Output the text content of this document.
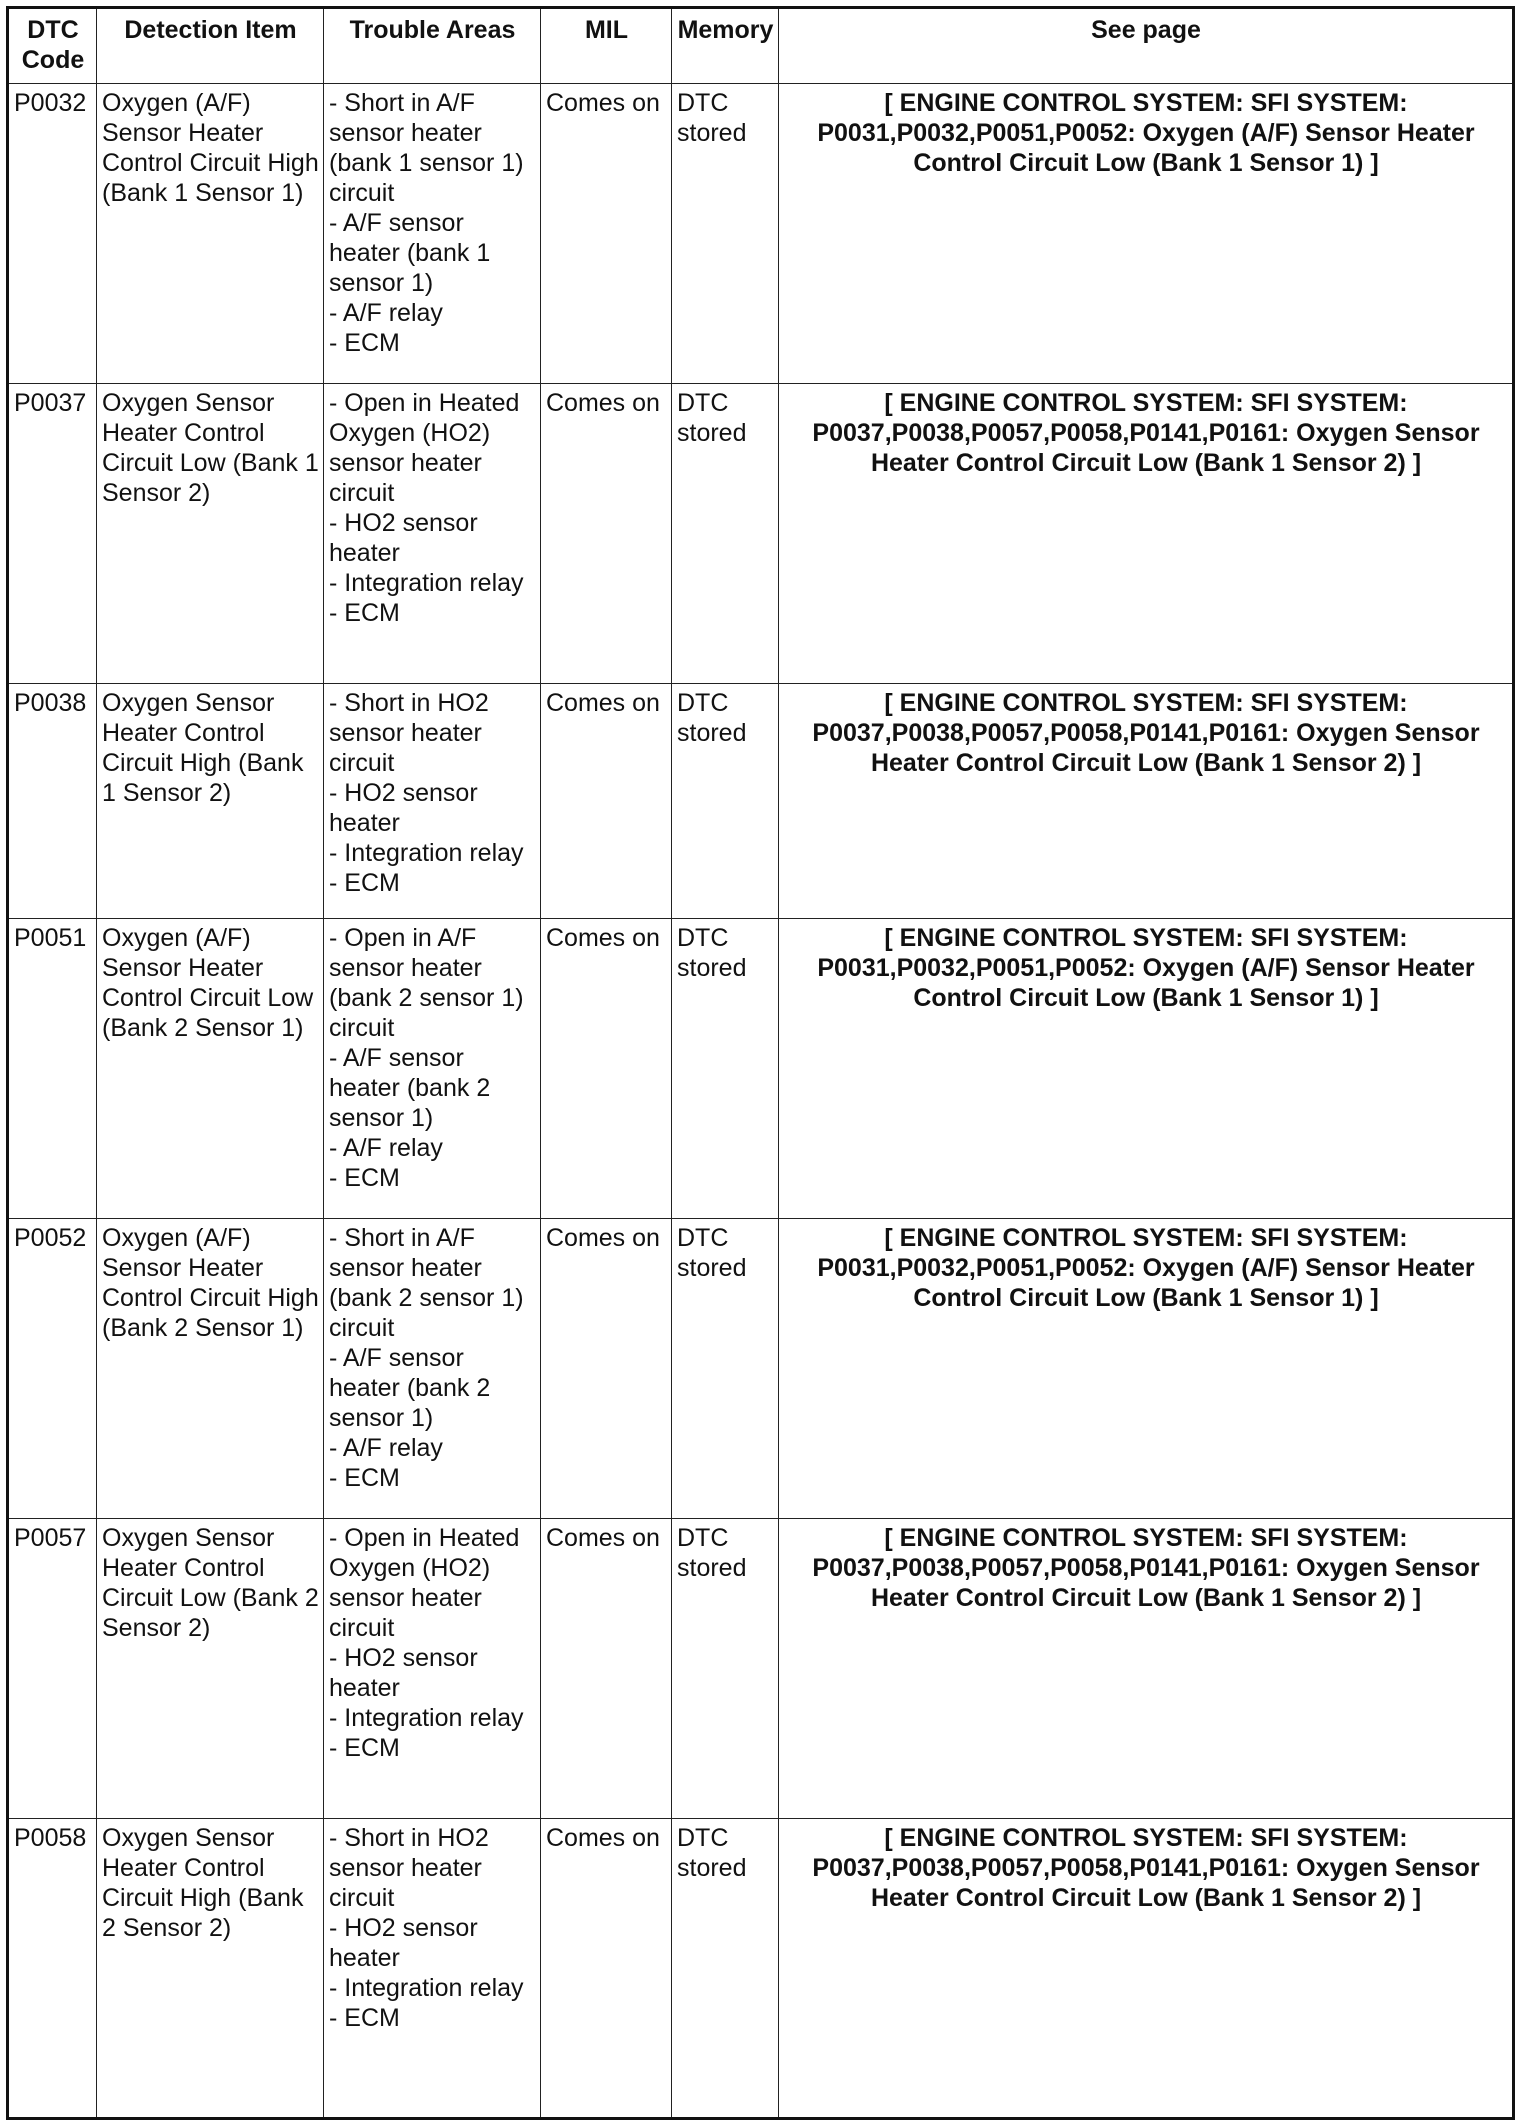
DTC
Code	Detection Item	Trouble Areas	MIL	Memory	See page
P0032	Oxygen (A/F) Sensor Heater Control Circuit High (Bank 1 Sensor 1)	- Short in A/F sensor heater (bank 1 sensor 1) circuit
- A/F sensor heater (bank 1 sensor 1)
- A/F relay
- ECM	Comes on	DTC stored	[ ENGINE CONTROL SYSTEM: SFI SYSTEM: P0031,P0032,P0051,P0052: Oxygen (A/F) Sensor Heater Control Circuit Low (Bank 1 Sensor 1) ]
P0037	Oxygen Sensor Heater Control Circuit Low (Bank 1 Sensor 2)	- Open in Heated Oxygen (HO2) sensor heater circuit
- HO2 sensor heater
- Integration relay
- ECM	Comes on	DTC stored	[ ENGINE CONTROL SYSTEM: SFI SYSTEM: P0037,P0038,P0057,P0058,P0141,P0161: Oxygen Sensor Heater Control Circuit Low (Bank 1 Sensor 2) ]
P0038	Oxygen Sensor Heater Control Circuit High (Bank 1 Sensor 2)	- Short in HO2 sensor heater circuit
- HO2 sensor heater
- Integration relay
- ECM	Comes on	DTC stored	[ ENGINE CONTROL SYSTEM: SFI SYSTEM: P0037,P0038,P0057,P0058,P0141,P0161: Oxygen Sensor Heater Control Circuit Low (Bank 1 Sensor 2) ]
P0051	Oxygen (A/F) Sensor Heater Control Circuit Low (Bank 2 Sensor 1)	- Open in A/F sensor heater (bank 2 sensor 1) circuit
- A/F sensor heater (bank 2 sensor 1)
- A/F relay
- ECM	Comes on	DTC stored	[ ENGINE CONTROL SYSTEM: SFI SYSTEM: P0031,P0032,P0051,P0052: Oxygen (A/F) Sensor Heater Control Circuit Low (Bank 1 Sensor 1) ]
P0052	Oxygen (A/F) Sensor Heater Control Circuit High (Bank 2 Sensor 1)	- Short in A/F sensor heater (bank 2 sensor 1) circuit
- A/F sensor heater (bank 2 sensor 1)
- A/F relay
- ECM	Comes on	DTC stored	[ ENGINE CONTROL SYSTEM: SFI SYSTEM: P0031,P0032,P0051,P0052: Oxygen (A/F) Sensor Heater Control Circuit Low (Bank 1 Sensor 1) ]
P0057	Oxygen Sensor Heater Control Circuit Low (Bank 2 Sensor 2)	- Open in Heated Oxygen (HO2) sensor heater circuit
- HO2 sensor heater
- Integration relay
- ECM	Comes on	DTC stored	[ ENGINE CONTROL SYSTEM: SFI SYSTEM: P0037,P0038,P0057,P0058,P0141,P0161: Oxygen Sensor Heater Control Circuit Low (Bank 1 Sensor 2) ]
P0058	Oxygen Sensor Heater Control Circuit High (Bank 2 Sensor 2)	- Short in HO2 sensor heater circuit
- HO2 sensor heater
- Integration relay
- ECM	Comes on	DTC stored	[ ENGINE CONTROL SYSTEM: SFI SYSTEM: P0037,P0038,P0057,P0058,P0141,P0161: Oxygen Sensor Heater Control Circuit Low (Bank 1 Sensor 2) ]
